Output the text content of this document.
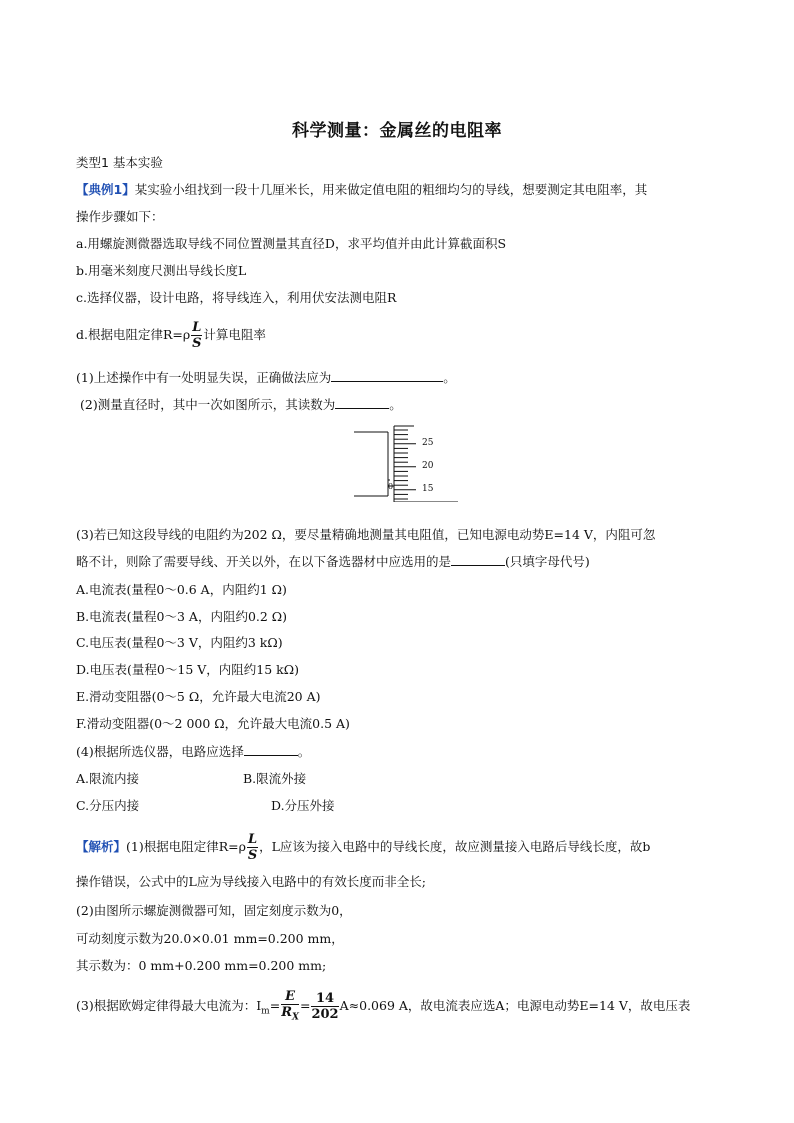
科学测量：金属丝的电阻率
类型1 基本实验
【典例1】某实验小组找到一段十几厘米长，用来做定值电阻的粗细均匀的导线，想要测定其电阻率，其
操作步骤如下：
a.用螺旋测微器选取导线不同位置测量其直径D，求平均值并由此计算截面积S
b.用毫米刻度尺测出导线长度L
c.选择仪器，设计电路，将导线连入，利用伏安法测电阻R
d.根据电阻定律$R=\rho \frac{L}{S}$ 计算电阻率
(1)上述操作中有一处明显失误，正确做法应为	。
(2)测量直径时，其中一次如图所示，其读数为	。
25
20
15
0
(3)若已知这段导线的电阻约为202 Ω，要尽量精确地测量其电阻值，已知电源电动势E=14 V，内阻可忽
略不计，则除了需要导线、开关以外，在以下备选器材中应选用的是	(只填字母代号)
A.电流表(量程0～0.6 A，内阻约1 Ω)
B.电流表(量程0～3 A，内阻约0.2 Ω)
C.电压表(量程0～3 V，内阻约3 kΩ)
D.电压表(量程0～15 V，内阻约15 kΩ)
E.滑动变阻器(0～5 Ω，允许最大电流20 A)
F.滑动变阻器(0～2 000 Ω，允许最大电流0.5 A)
(4)根据所选仪器，电路应选择	。
A.限流内接	B.限流外接
C.分压内接	D.分压外接
【解析】(1)根据电阻定律$R=\rho \frac{L}{S}$ ，L应该为接入电路中的导线长度，故应测量接入电路后导线长度，故b
操作错误，公式中的L应为导线接入电路中的有效长度而非全长;
(2)由图所示螺旋测微器可知，固定刻度示数为0，
可动刻度示数为20.0×0.01 mm=0.200 mm，
其示数为：0 mm+0.200 mm=0.200 mm;
(3)根据欧姆定律得最大电流为：$I_m= \frac{E}{R_X} = \frac{14}{202} A\approx 0.069$ A，故电流表应选A；电源电动势E=14 V，故电压表
